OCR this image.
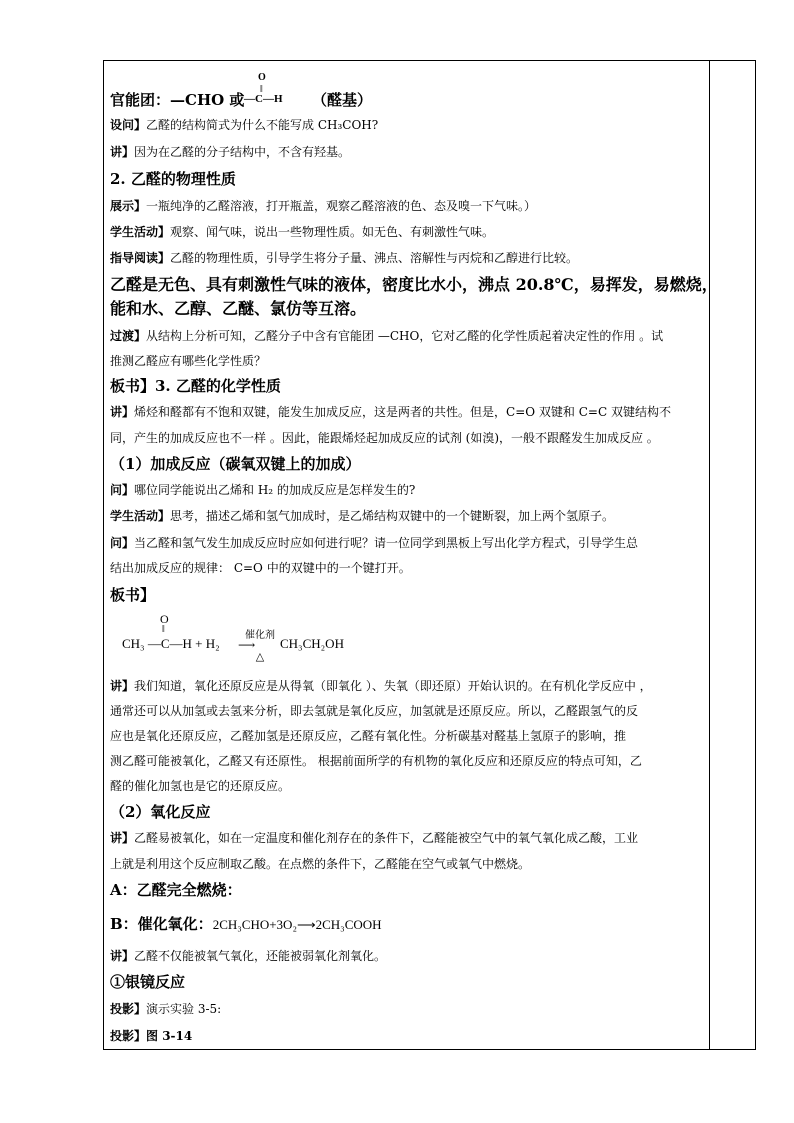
官能团：—CHO 或
O
‖
—C—H （醛基）
设问】乙醛的结构简式为什么不能写成 CH₃COH?
讲】因为在乙醛的分子结构中，不含有羟基。
2. 乙醛的物理性质
展示】一瓶纯净的乙醛溶液，打开瓶盖，观察乙醛溶液的色、态及嗅一下气味。）
学生活动】观察、闻气味，说出一些物理性质。如无色、有刺激性气味。
指导阅读】乙醛的物理性质，引导学生将分子量、沸点、溶解性与丙烷和乙醇进行比较。
乙醛是无色、具有刺激性气味的液体，密度比水小，沸点 20.8℃，易挥发，易燃烧，
能和水、乙醇、乙醚、氯仿等互溶。
过渡】从结构上分析可知，乙醛分子中含有官能团 —CHO，它对乙醛的化学性质起着决定性的作用 。试
推测乙醛应有哪些化学性质？
板书】3. 乙醛的化学性质
讲】烯烃和醛都有不饱和双键，能发生加成反应，这是两者的共性。但是，C=O 双键和 C=C 双键结构不
同，产生的加成反应也不一样 。因此，能跟烯烃起加成反应的试剂 (如溴)，一般不跟醛发生加成反应 。
（1）加成反应（碳氧双键上的加成）
问】哪位同学能说出乙烯和 H₂ 的加成反应是怎样发生的?
学生活动】思考，描述乙烯和氢气加成时，是乙烯结构双键中的一个键断裂，加上两个氢原子。
问】当乙醛和氢气发生加成反应时应如何进行呢？请一位同学到黑板上写出化学方程式，引导学生总
结出加成反应的规律： C=O 中的双键中的一个键打开。
板书】
O
‖
CH₃ —C—H + H₂
催化剂
⟶
△
CH₃CH₂OH
讲】我们知道，氧化还原反应是从得氧（即氧化 ）、失氧（即还原）开始认识的。在有机化学反应中 ，
通常还可以从加氢或去氢来分析，即去氢就是氧化反应，加氢就是还原反应。所以，乙醛跟氢气的反
应也是氧化还原反应，乙醛加氢是还原反应，乙醛有氧化性。分析碳基对醛基上氢原子的影响，推
测乙醛可能被氧化，乙醛又有还原性。 根据前面所学的有机物的氧化反应和还原反应的特点可知，乙
醛的催化加氢也是它的还原反应。
（2）氧化反应
讲】乙醛易被氧化，如在一定温度和催化剂存在的条件下，乙醛能被空气中的氧气氧化成乙酸，工业
上就是利用这个反应制取乙酸。在点燃的条件下，乙醛能在空气或氧气中燃烧。
A：乙醛完全燃烧：
B：催化氧化：2CH₃CHO+3O₂⟶2CH₃COOH
讲】乙醛不仅能被氧气氧化，还能被弱氧化剂氧化。
①银镜反应
投影】演示实验 3-5:
投影】图 3-14
